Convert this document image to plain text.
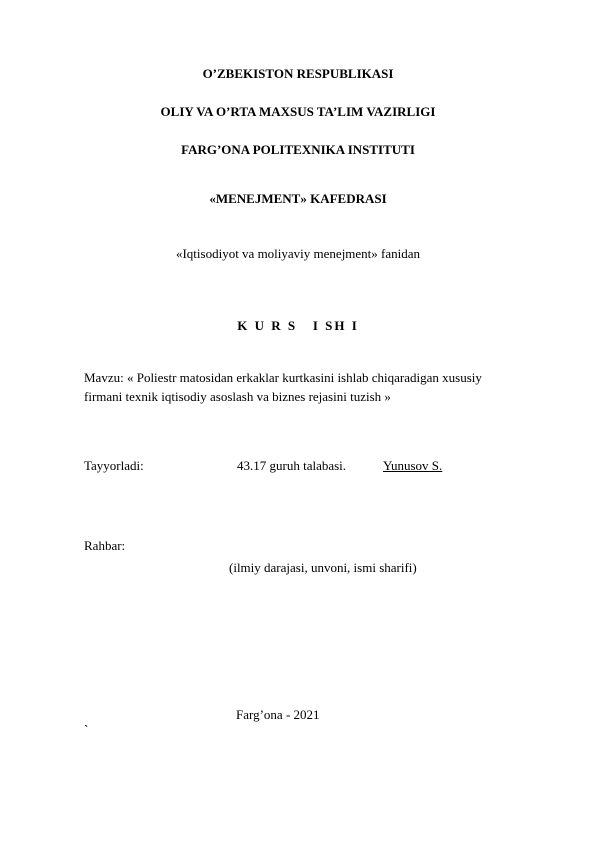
O’ZBEKISTON RESPUBLIKASI
OLIY VA O’RTA MAXSUS TA’LIM VAZIRLIGI
FARG’ONA POLITEXNIKA INSTITUTI
«MENEJMENT» KAFEDRASI
«Iqtisodiyot va moliyaviy menejment» fanidan
K U R S   I SH I
Mavzu: « Poliestr matosidan erkaklar kurtkasini ishlab chiqaradigan xususiy
firmani texnik iqtisodiy asoslash va biznes rejasini tuzish »
Tayyorladi:	43.17 guruh talabasi.	Yunusov S.
Rahbar:
(ilmiy darajasi, unvoni, ismi sharifi)
Farg’ona - 2021
`
